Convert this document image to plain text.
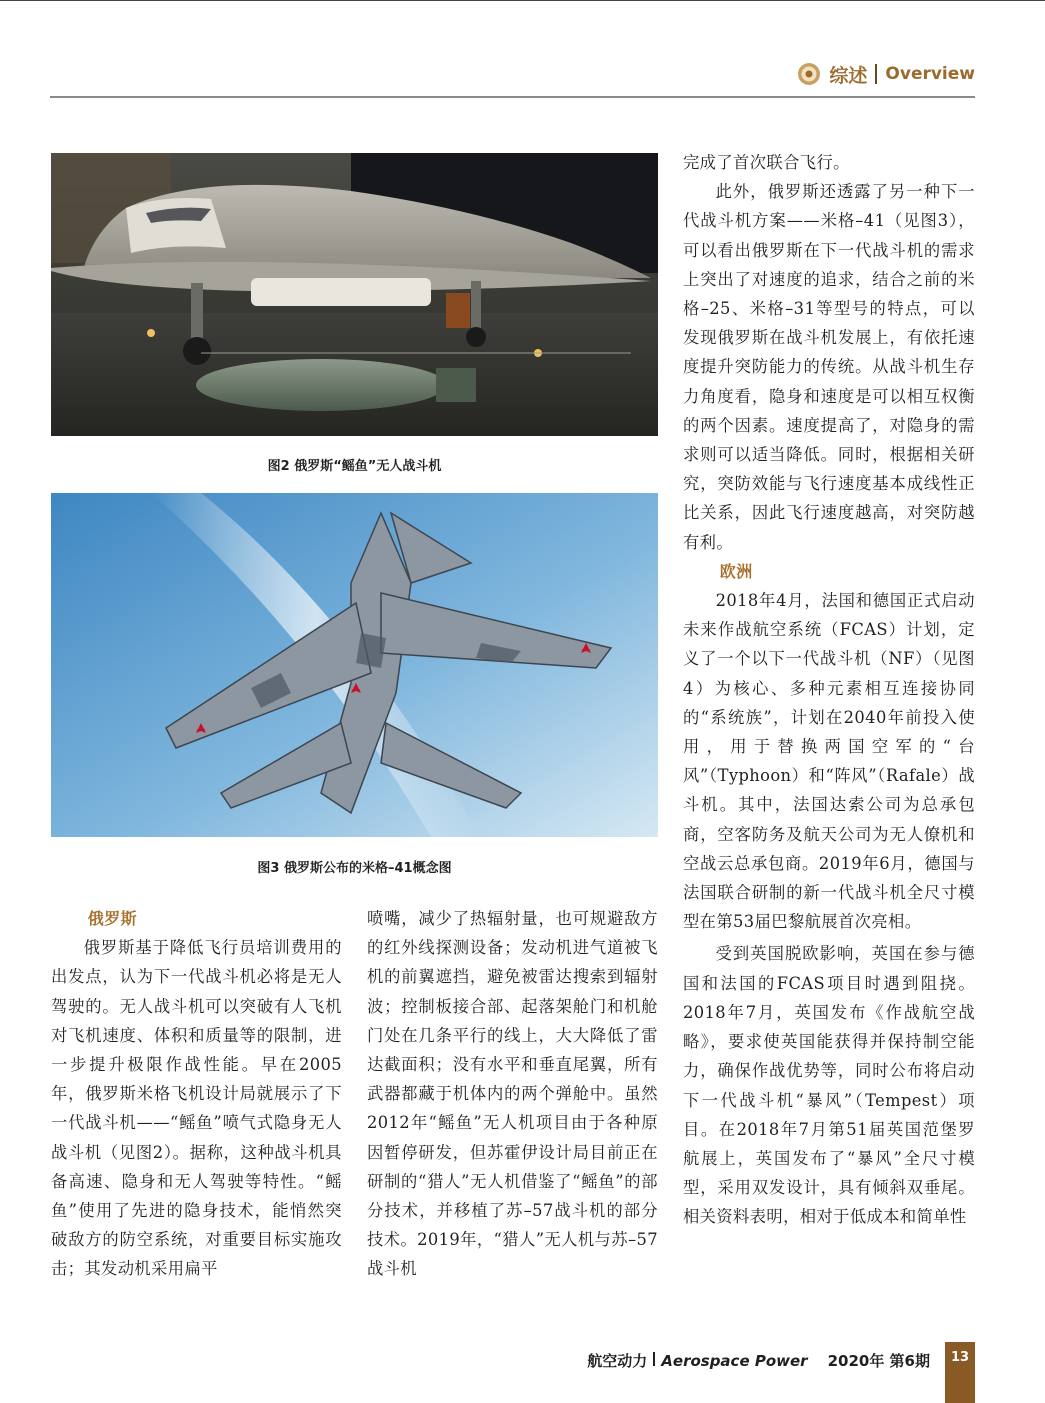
综述 Overview
图2 俄罗斯“鳐鱼”无人战斗机
图3 俄罗斯公布的米格–41概念图
俄罗斯

俄罗斯基于降低飞行员培训费用的出发点，认为下一代战斗机必将是无人驾驶的。无人战斗机可以突破有人飞机对飞机速度、体积和质量等的限制，进一步提升极限作战性能。早在2005年，俄罗斯米格飞机设计局就展示了下一代战斗机——“鳐鱼”喷气式隐身无人战斗机（见图2）。据称，这种战斗机具备高速、隐身和无人驾驶等特性。“鳐鱼”使用了先进的隐身技术，能悄然突破敌方的防空系统，对重要目标实施攻击；其发动机采用扁平

喷嘴，减少了热辐射量，也可规避敌方的红外线探测设备；发动机进气道被飞机的前翼遮挡，避免被雷达搜索到辐射波；控制板接合部、起落架舱门和机舱门处在几条平行的线上，大大降低了雷达截面积；没有水平和垂直尾翼，所有武器都藏于机体内的两个弹舱中。虽然2012年“鳐鱼”无人机项目由于各种原因暂停研发，但苏霍伊设计局目前正在研制的“猎人”无人机借鉴了“鳐鱼”的部分技术，并移植了苏–57战斗机的部分技术。2019年，“猎人”无人机与苏–57战斗机

完成了首次联合飞行。

此外，俄罗斯还透露了另一种下一代战斗机方案——米格–41（见图3），可以看出俄罗斯在下一代战斗机的需求上突出了对速度的追求，结合之前的米格–25、米格–31等型号的特点，可以发现俄罗斯在战斗机发展上，有依托速度提升突防能力的传统。从战斗机生存力角度看，隐身和速度是可以相互权衡的两个因素。速度提高了，对隐身的需求则可以适当降低。同时，根据相关研究，突防效能与飞行速度基本成线性正比关系，因此飞行速度越高，对突防越有利。

欧洲

2018年4月，法国和德国正式启动未来作战航空系统（FCAS）计划，定义了一个以下一代战斗机（NF）（见图4）为核心、多种元素相互连接协同的“系统族”，计划在2040年前投入使用，用于替换两国空军的“台风”（Typhoon）和“阵风”（Rafale）战斗机。其中，法国达索公司为总承包商，空客防务及航天公司为无人僚机和空战云总承包商。2019年6月，德国与法国联合研制的新一代战斗机全尺寸模型在第53届巴黎航展首次亮相。

受到英国脱欧影响，英国在参与德国和法国的FCAS项目时遇到阻挠。2018年7月，英国发布《作战航空战略》，要求使英国能获得并保持制空能力，确保作战优势等，同时公布将启动下一代战斗机“暴风”（Tempest）项目。在2018年7月第51届英国范堡罗航展上，英国发布了“暴风”全尺寸模型，采用双发设计，具有倾斜双垂尾。相关资料表明，相对于低成本和简单性

航空动力 Aerospace Power 2020年 第6期	13
